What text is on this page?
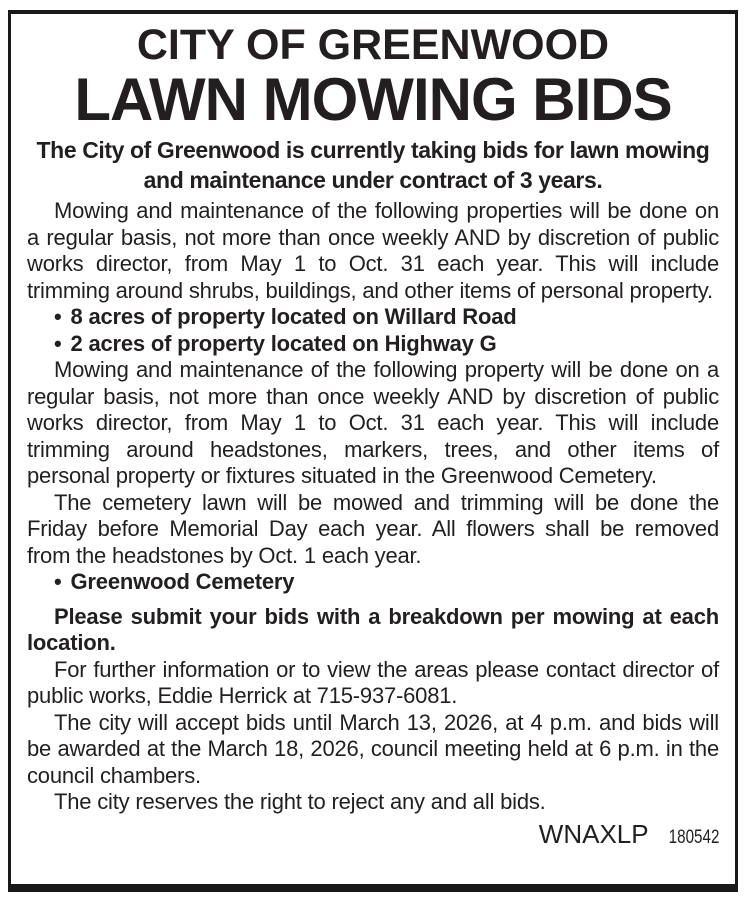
CITY OF GREENWOOD
LAWN MOWING BIDS

The City of Greenwood is currently taking bids for lawn mowing and maintenance under contract of 3 years.

Mowing and maintenance of the following properties will be done on a regular basis, not more than once weekly AND by discretion of public works director, from May 1 to Oct. 31 each year. This will include trimming around shrubs, buildings, and other items of personal property.

• 8 acres of property located on Willard Road
• 2 acres of property located on Highway G

Mowing and maintenance of the following property will be done on a regular basis, not more than once weekly AND by discretion of public works director, from May 1 to Oct. 31 each year. This will include trimming around headstones, markers, trees, and other items of personal property or fixtures situated in the Greenwood Cemetery.

The cemetery lawn will be mowed and trimming will be done the Friday before Memorial Day each year. All flowers shall be removed from the headstones by Oct. 1 each year.

• Greenwood Cemetery

Please submit your bids with a breakdown per mowing at each location.

For further information or to view the areas please contact director of public works, Eddie Herrick at 715-937-6081.

The city will accept bids until March 13, 2026, at 4 p.m. and bids will be awarded at the March 18, 2026, council meeting held at 6 p.m. in the council chambers.

The city reserves the right to reject any and all bids.

WNAXLP 180542
